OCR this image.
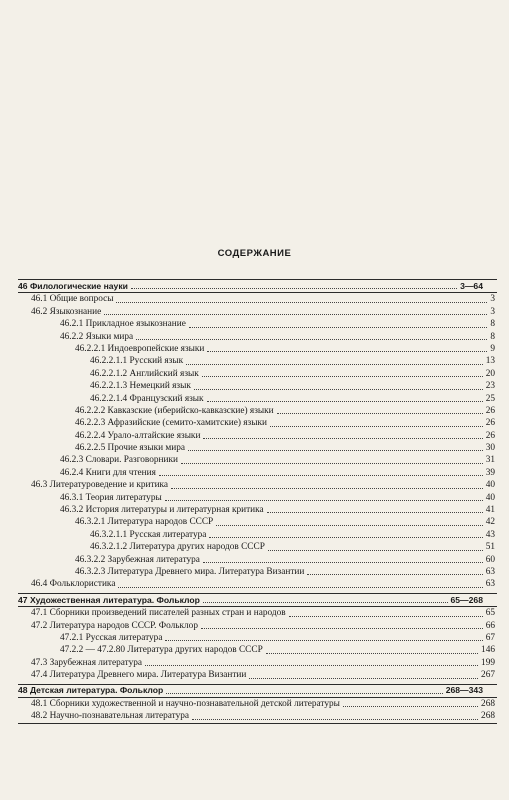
СОДЕРЖАНИЕ
46 Филологические науки	3—64
46.1 Общие вопросы	3
46.2 Языкознание	3
46.2.1 Прикладное языкознание	8
46.2.2 Языки мира	8
46.2.2.1 Индоевропейские языки	9
46.2.2.1.1 Русский язык	13
46.2.2.1.2 Английский язык	20
46.2.2.1.3 Немецкий язык	23
46.2.2.1.4 Французский язык	25
46.2.2.2 Кавказские (иберийско-кавказские) языки	26
46.2.2.3 Афразийские (семито-хамитские) языки	26
46.2.2.4 Урало-алтайские языки	26
46.2.2.5 Прочие языки мира	30
46.2.3 Словари. Разговорники	31
46.2.4 Книги для чтения	39
46.3 Литературоведение и критика	40
46.3.1 Теория литературы	40
46.3.2 История литературы и литературная критика	41
46.3.2.1 Литература народов СССР	42
46.3.2.1.1 Русская литература	43
46.3.2.1.2 Литература других народов СССР	51
46.3.2.2 Зарубежная литература	60
46.3.2.3 Литература Древнего мира. Литература Византии	63
46.4 Фольклористика	63
47 Художественная литература. Фольклор	65—268
47.1 Сборники произведений писателей разных стран и народов	65
47.2 Литература народов СССР. Фольклор	66
47.2.1 Русская литература	67
47.2.2 — 47.2.80 Литература других народов СССР	146
47.3 Зарубежная литература	199
47.4 Литература Древнего мира. Литература Византии	267
48 Детская литература. Фольклор	268—343
48.1 Сборники художественной и научно-познавательной детской литературы	268
48.2 Научно-познавательная литература	268
